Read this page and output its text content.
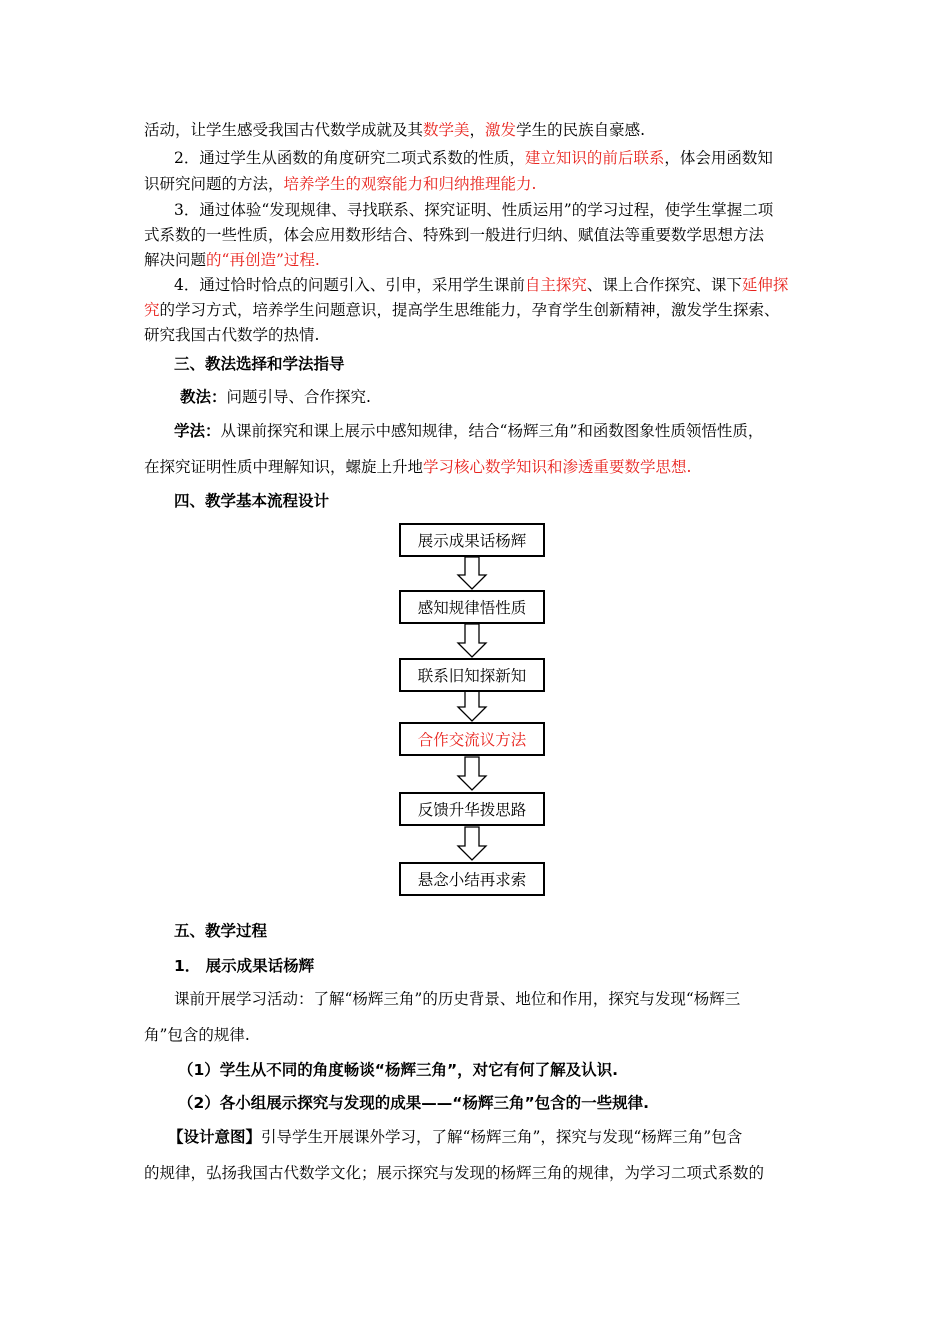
活动，让学生感受我国古代数学成就及其数学美，激发学生的民族自豪感.
2．通过学生从函数的角度研究二项式系数的性质，建立知识的前后联系，体会用函数知
识研究问题的方法，培养学生的观察能力和归纳推理能力.
3．通过体验“发现规律、寻找联系、探究证明、性质运用”的学习过程，使学生掌握二项
式系数的一些性质，体会应用数形结合、特殊到一般进行归纳、赋值法等重要数学思想方法
解决问题的“再创造”过程.
4．通过恰时恰点的问题引入、引申，采用学生课前自主探究、课上合作探究、课下延伸探
究的学习方式，培养学生问题意识，提高学生思维能力，孕育学生创新精神，激发学生探索、
研究我国古代数学的热情.
三、教法选择和学法指导
教法：问题引导、合作探究.
学法：从课前探究和课上展示中感知规律，结合“杨辉三角”和函数图象性质领悟性质，
在探究证明性质中理解知识，螺旋上升地学习核心数学知识和渗透重要数学思想.
四、教学基本流程设计
展示成果话杨辉
感知规律悟性质
联系旧知探新知
合作交流议方法
反馈升华拨思路
悬念小结再求索
五、教学过程
1． 展示成果话杨辉
课前开展学习活动：了解“杨辉三角”的历史背景、地位和作用，探究与发现“杨辉三
角”包含的规律.
（1）学生从不同的角度畅谈“杨辉三角”，对它有何了解及认识.
（2）各小组展示探究与发现的成果——“杨辉三角”包含的一些规律.
【设计意图】引导学生开展课外学习，了解“杨辉三角”，探究与发现“杨辉三角”包含
的规律，弘扬我国古代数学文化；展示探究与发现的杨辉三角的规律，为学习二项式系数的
